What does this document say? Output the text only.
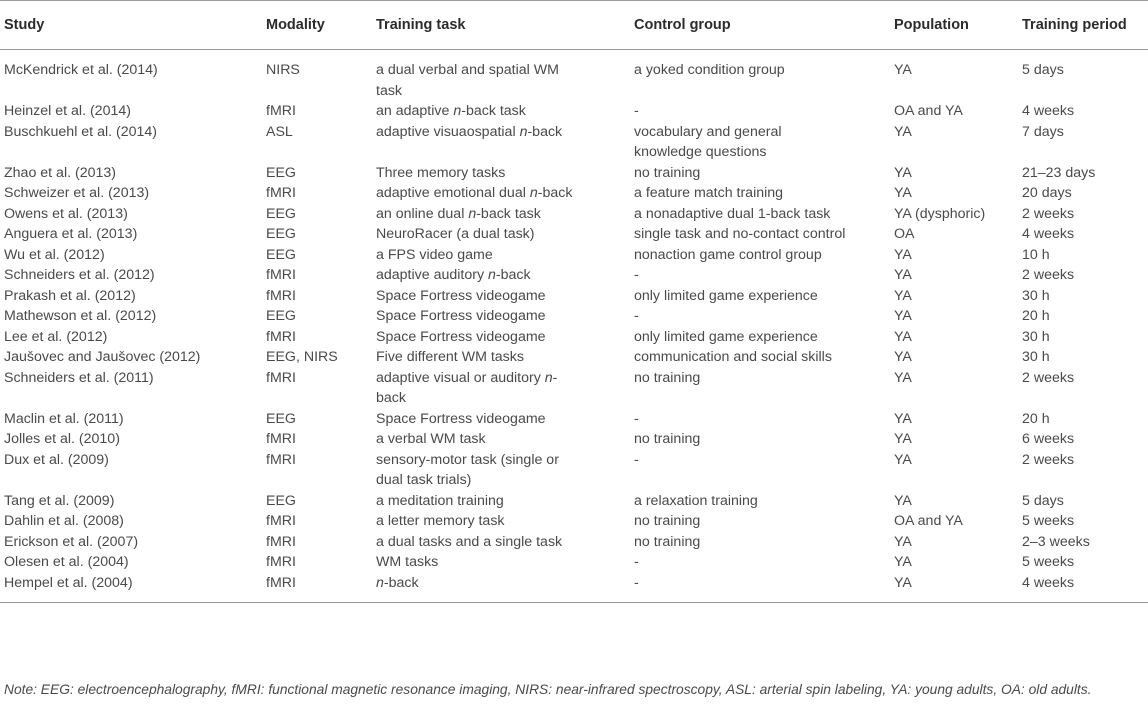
Study	Modality	Training task	Control group	Population	Training period
McKendrick et al. (2014)	NIRS	a dual verbal and spatial WM task	a yoked condition group	YA	5 days
Heinzel et al. (2014)	fMRI	an adaptive n-back task	-	OA and YA	4 weeks
Buschkuehl et al. (2014)	ASL	adaptive visuaospatial n-back	vocabulary and general knowledge questions	YA	7 days
Zhao et al. (2013)	EEG	Three memory tasks	no training	YA	21–23 days
Schweizer et al. (2013)	fMRI	adaptive emotional dual n-back	a feature match training	YA	20 days
Owens et al. (2013)	EEG	an online dual n-back task	a nonadaptive dual 1-back task	YA (dysphoric)	2 weeks
Anguera et al. (2013)	EEG	NeuroRacer (a dual task)	single task and no-contact control	OA	4 weeks
Wu et al. (2012)	EEG	a FPS video game	nonaction game control group	YA	10 h
Schneiders et al. (2012)	fMRI	adaptive auditory n-back	-	YA	2 weeks
Prakash et al. (2012)	fMRI	Space Fortress videogame	only limited game experience	YA	30 h
Mathewson et al. (2012)	EEG	Space Fortress videogame	-	YA	20 h
Lee et al. (2012)	fMRI	Space Fortress videogame	only limited game experience	YA	30 h
Jaušovec and Jaušovec (2012)	EEG, NIRS	Five different WM tasks	communication and social skills	YA	30 h
Schneiders et al. (2011)	fMRI	adaptive visual or auditory n-back	no training	YA	2 weeks
Maclin et al. (2011)	EEG	Space Fortress videogame	-	YA	20 h
Jolles et al. (2010)	fMRI	a verbal WM task	no training	YA	6 weeks
Dux et al. (2009)	fMRI	sensory-motor task (single or dual task trials)	-	YA	2 weeks
Tang et al. (2009)	EEG	a meditation training	a relaxation training	YA	5 days
Dahlin et al. (2008)	fMRI	a letter memory task	no training	OA and YA	5 weeks
Erickson et al. (2007)	fMRI	a dual tasks and a single task	no training	YA	2–3 weeks
Olesen et al. (2004)	fMRI	WM tasks	-	YA	5 weeks
Hempel et al. (2004)	fMRI	n-back	-	YA	4 weeks
Note: EEG: electroencephalography, fMRI: functional magnetic resonance imaging, NIRS: near-infrared spectroscopy, ASL: arterial spin labeling, YA: young adults, OA: old adults.
